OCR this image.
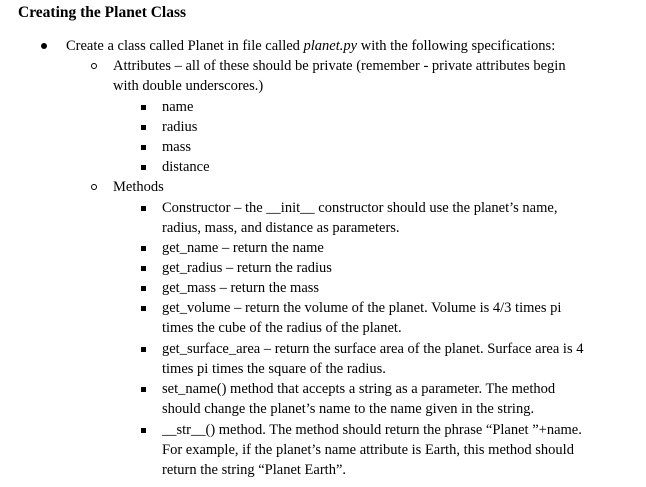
Creating the Planet Class
Create a class called Planet in file called planet.py with the following specifications:
Attributes – all of these should be private (remember - private attributes begin
with double underscores.)
name
radius
mass
distance
Methods
Constructor – the __init__ constructor should use the planet’s name,
radius, mass, and distance as parameters.
get_name – return the name
get_radius – return the radius
get_mass – return the mass
get_volume – return the volume of the planet. Volume is 4/3 times pi
times the cube of the radius of the planet.
get_surface_area – return the surface area of the planet. Surface area is 4
times pi times the square of the radius.
set_name() method that accepts a string as a parameter. The method
should change the planet’s name to the name given in the string.
__str__() method. The method should return the phrase “Planet ”+name.
For example, if the planet’s name attribute is Earth, this method should
return the string “Planet Earth”.
